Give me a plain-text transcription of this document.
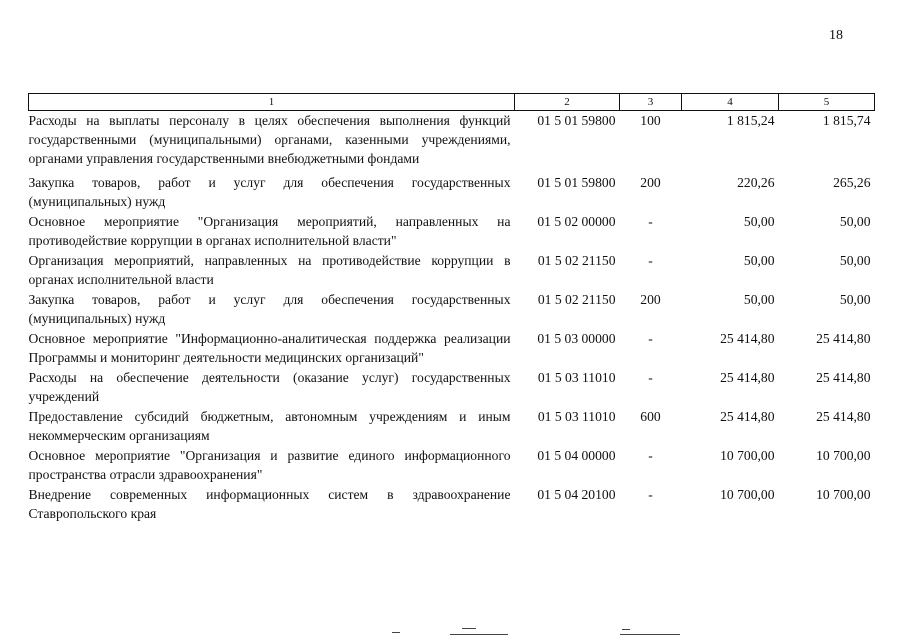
18
1	2	3	4	5
Расходы на выплаты персоналу в целях обеспечения выполнения функций государственными (муниципальными) органами, казенными учреждениями, органами управления государственными внебюджетными фондами	01 5 01 59800	100	1 815,24	1 815,74
Закупка товаров, работ и услуг для обеспечения государственных (муниципальных) нужд	01 5 01 59800	200	220,26	265,26
Основное мероприятие "Организация мероприятий, направленных на противодействие коррупции в органах исполнительной власти"	01 5 02 00000	-	50,00	50,00
Организация мероприятий, направленных на противодействие коррупции в органах исполнительной власти	01 5 02 21150	-	50,00	50,00
Закупка товаров, работ и услуг для обеспечения государственных (муниципальных) нужд	01 5 02 21150	200	50,00	50,00
Основное мероприятие "Информационно-аналитическая поддержка реализации Программы и мониторинг деятельности медицинских организаций"	01 5 03 00000	-	25 414,80	25 414,80
Расходы на обеспечение деятельности (оказание услуг) государственных учреждений	01 5 03 11010	-	25 414,80	25 414,80
Предоставление субсидий бюджетным, автономным учреждениям и иным некоммерческим организациям	01 5 03 11010	600	25 414,80	25 414,80
Основное мероприятие "Организация и развитие единого информационного пространства отрасли здравоохранения"	01 5 04 00000	-	10 700,00	10 700,00
Внедрение современных информационных систем в здравоохранение Ставропольского края	01 5 04 20100	-	10 700,00	10 700,00
